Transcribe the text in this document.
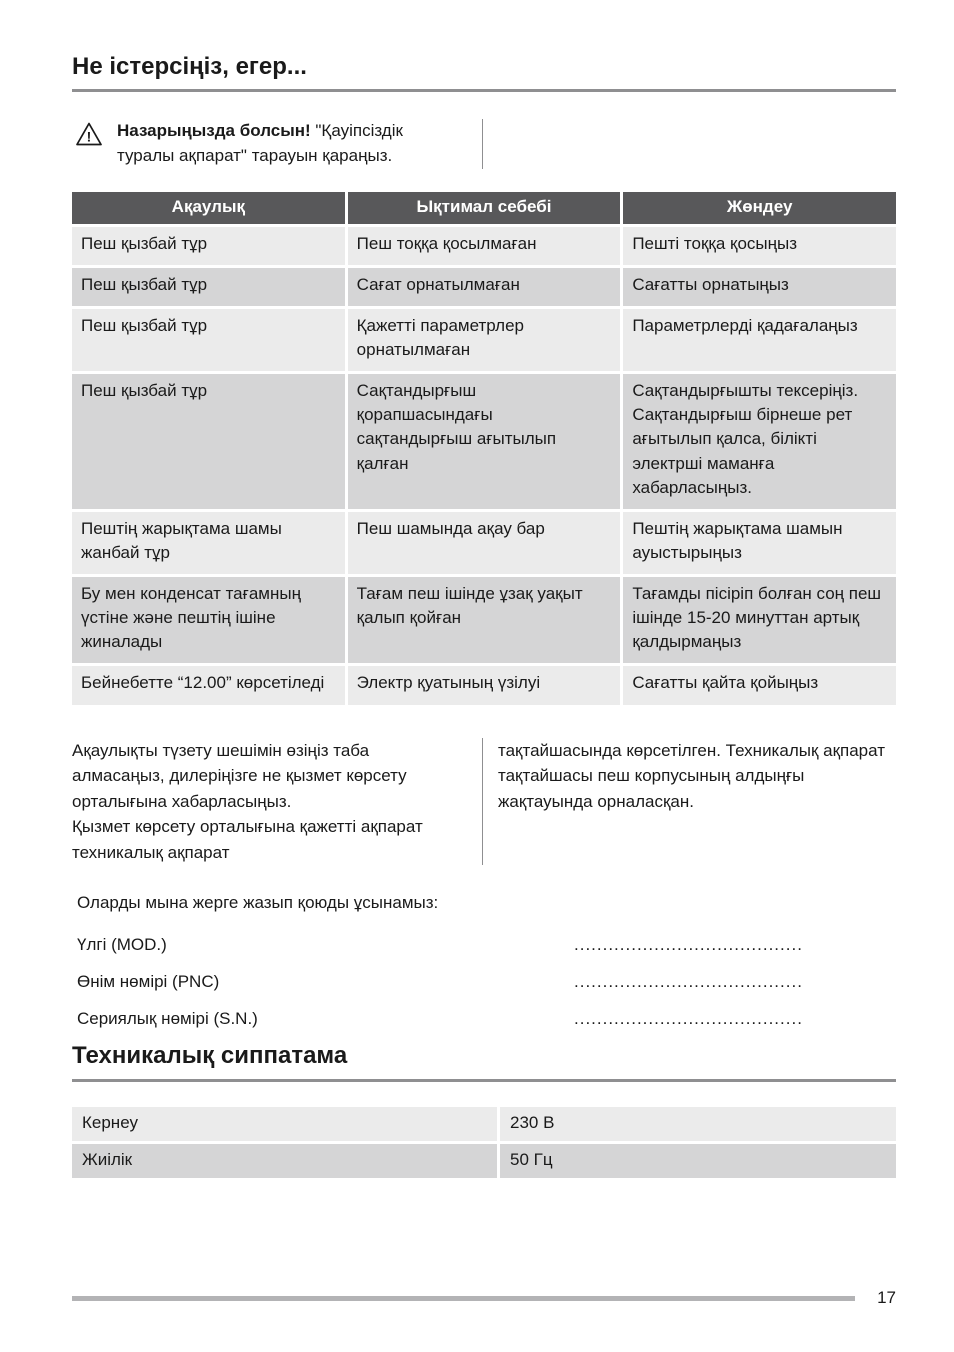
Не істерсіңіз, егер...
! Назарыңызда болсын! "Қауіпсіздік туралы ақпарат" тарауын қараңыз.

Ақаулық	Ықтимал себебі	Жөндеу
Пеш қызбай тұр	Пеш тоққа қосылмаған	Пешті тоққа қосыңыз
Пеш қызбай тұр	Сағат орнатылмаған	Сағатты орнатыңыз
Пеш қызбай тұр	Қажетті параметрлер орнатылмаған	Параметрлерді қадағалаңыз
Пеш қызбай тұр	Сақтандырғыш қорапшасындағы сақтандырғыш ағытылып қалған	Сақтандырғышты тексеріңіз. Сақтандырғыш бірнеше рет ағытылып қалса, білікті электрші маманға хабарласыңыз.
Пештің жарықтама шамы жанбай тұр	Пеш шамында ақау бар	Пештің жарықтама шамын ауыстырыңыз
Бу мен конденсат тағамның үстіне және пештің ішіне жиналады	Тағам пеш ішінде ұзақ уақыт қалып қойған	Тағамды пісіріп болған соң пеш ішінде 15-20 минуттан артық қалдырмаңыз
Бейнебетте “12.00” көрсетіледі	Электр қуатының үзілуі	Сағатты қайта қойыңыз

Ақаулықты түзету шешімін өзіңіз таба алмасаңыз, дилеріңізге не қызмет көрсету орталығына хабарласыңыз.

Қызмет көрсету орталығына қажетті ақпарат техникалық ақпарат

тақтайшасында көрсетілген. Техникалық ақпарат тақтайшасы пеш корпусының алдыңғы жақтауында орналасқан.

Оларды мына жерге жазып қоюды ұсынамыз:

Үлгі (MOD.)	........................................
Өнім нөмірі (PNC)	........................................
Сериялық нөмірі (S.N.)	........................................
Техникалық сиппатама
Кернеу	230 В
Жиілік	50 Гц
17
